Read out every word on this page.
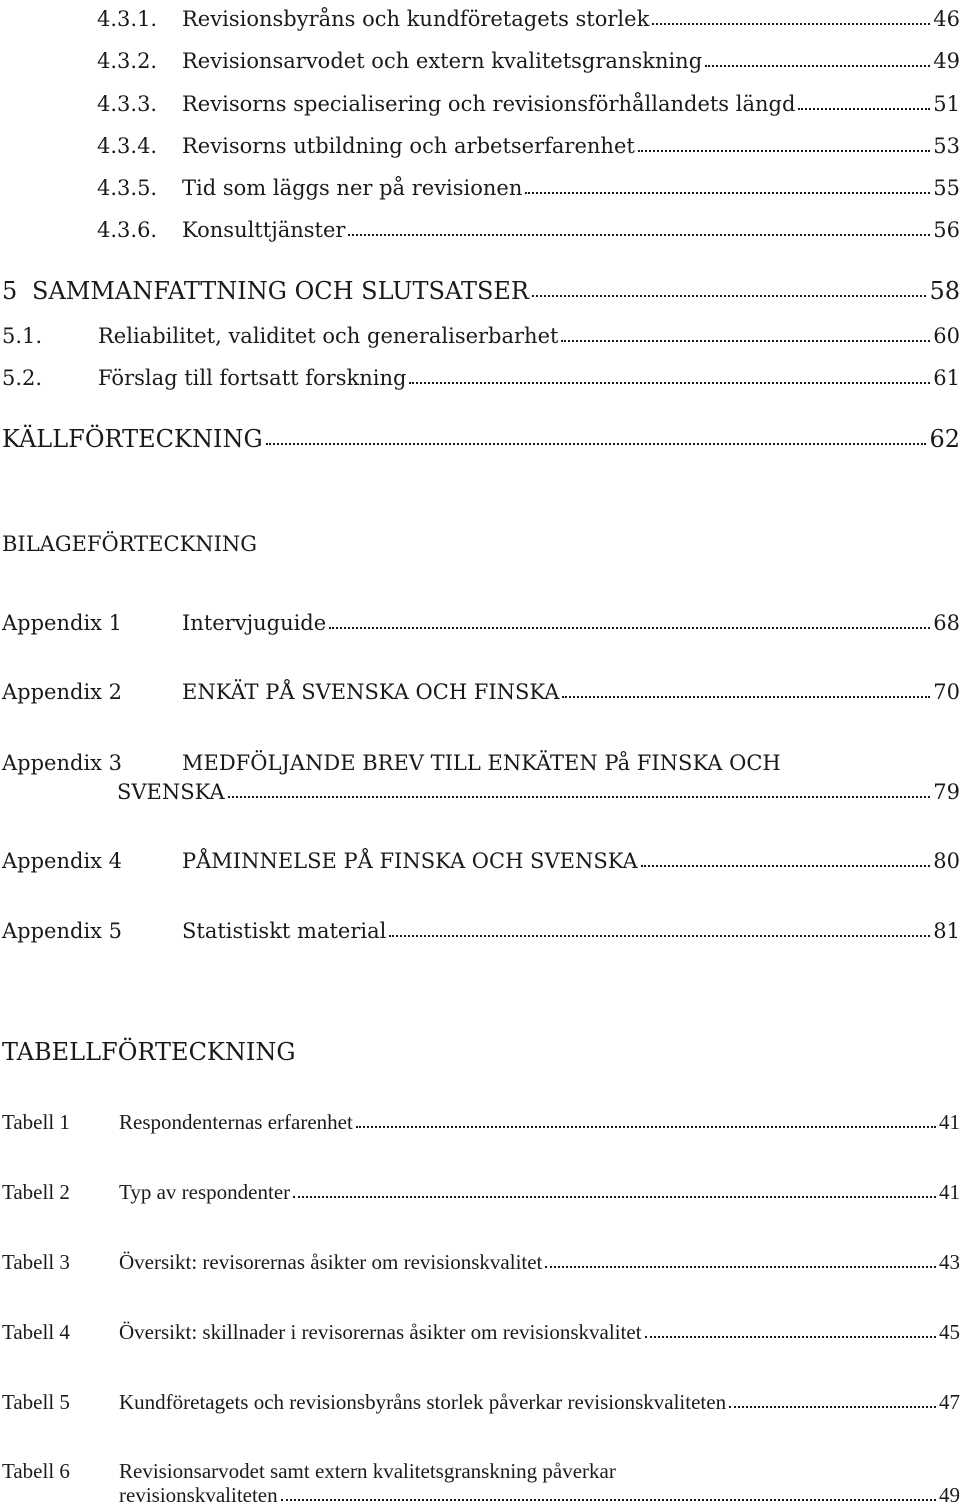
4.3.1.	Revisionsbyråns och kundföretagets storlek	46
4.3.2.	Revisionsarvodet och extern kvalitetsgranskning	49
4.3.3.	Revisorns specialisering och revisionsförhållandets längd	51
4.3.4.	Revisorns utbildning och arbetserfarenhet	53
4.3.5.	Tid som läggs ner på revisionen	55
4.3.6.	Konsulttjänster	56
5 SAMMANFATTNING OCH SLUTSATSER	58
5.1.	Reliabilitet, validitet och generaliserbarhet	60
5.2.	Förslag till fortsatt forskning	61
KÄLLFÖRTECKNING	62
BILAGEFÖRTECKNING
Appendix 1	Intervjuguide	68
Appendix 2	ENKÄT PÅ SVENSKA OCH FINSKA	70
Appendix 3	MEDFÖLJANDE BREV TILL ENKÄTEN På FINSKA OCH
SVENSKA	79
Appendix 4	PÅMINNELSE PÅ FINSKA OCH SVENSKA	80
Appendix 5	Statistiskt material	81
TABELLFÖRTECKNING
Tabell 1	Respondenternas erfarenhet	41
Tabell 2	Typ av respondenter	41
Tabell 3	Översikt: revisorernas åsikter om revisionskvalitet	43
Tabell 4	Översikt: skillnader i revisorernas åsikter om revisionskvalitet	45
Tabell 5	Kundföretagets och revisionsbyråns storlek påverkar revisionskvaliteten	47
Tabell 6	Revisionsarvodet samt extern kvalitetsgranskning påverkar
revisionskvaliteten	49
